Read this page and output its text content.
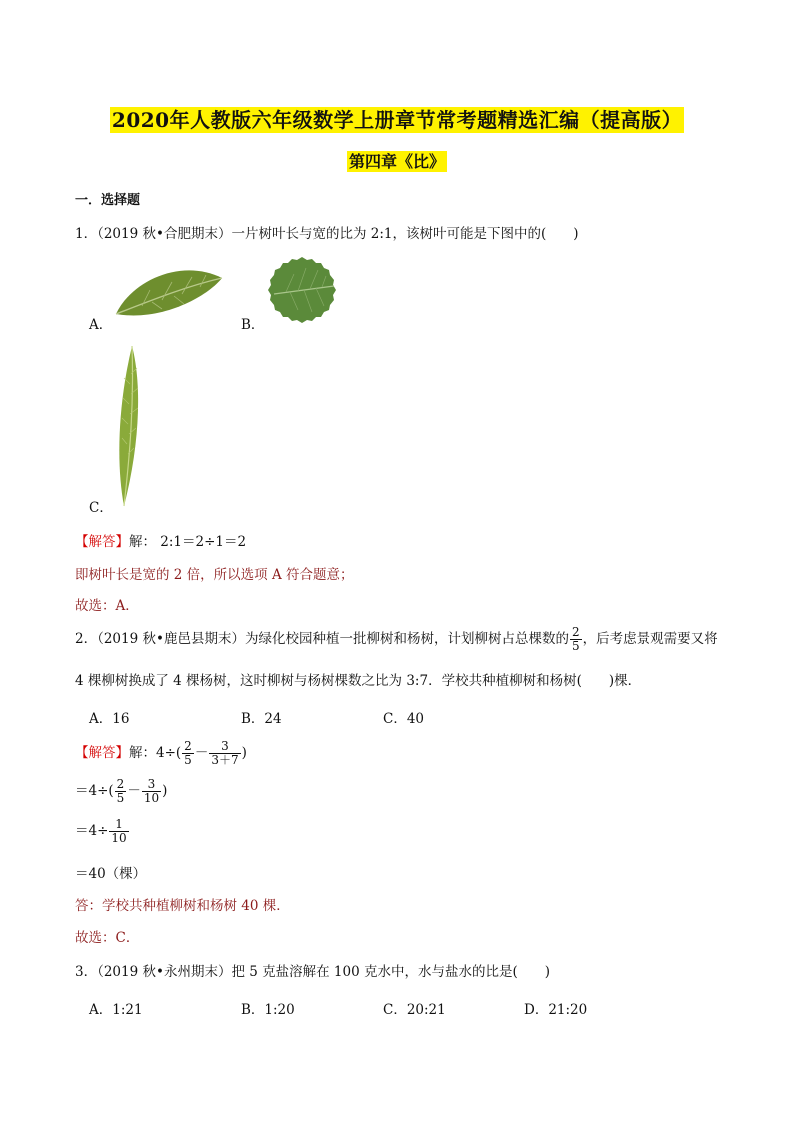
2020年人教版六年级数学上册章节常考题精选汇编（提高版）
第四章《比》
一．选择题
1．（2019 秋•合肥期末）一片树叶长与宽的比为 2:1，该树叶可能是下图中的(　　)
A．	B．
C．
【解答】解： 2:1＝2÷1＝2
即树叶长是宽的 2 倍，所以选项 A 符合题意；
故选：A．
2．（2019 秋•鹿邑县期末）为绿化校园种植一批柳树和杨树，计划柳树占总棵数的 $\frac{2}{5}$ ，后考虑景观需要又将
4 棵柳树换成了 4 棵杨树，这时柳树与杨树棵数之比为 3:7．学校共种植柳树和杨树(　　)棵．
A．16	B．24	C．40
【解答】解：$4\div( \frac{2}{5} - \frac{3}{3+7}$ )
$=4\div( \frac{2}{5} - \frac{3}{10}$ )
$=4\div \frac{1}{10}$
＝40（棵）
答：学校共种植柳树和杨树 40 棵．
故选：C．
3．（2019 秋•永州期末）把 5 克盐溶解在 100 克水中，水与盐水的比是(　　)
A．1:21	B．1:20	C．20:21	D．21:20
